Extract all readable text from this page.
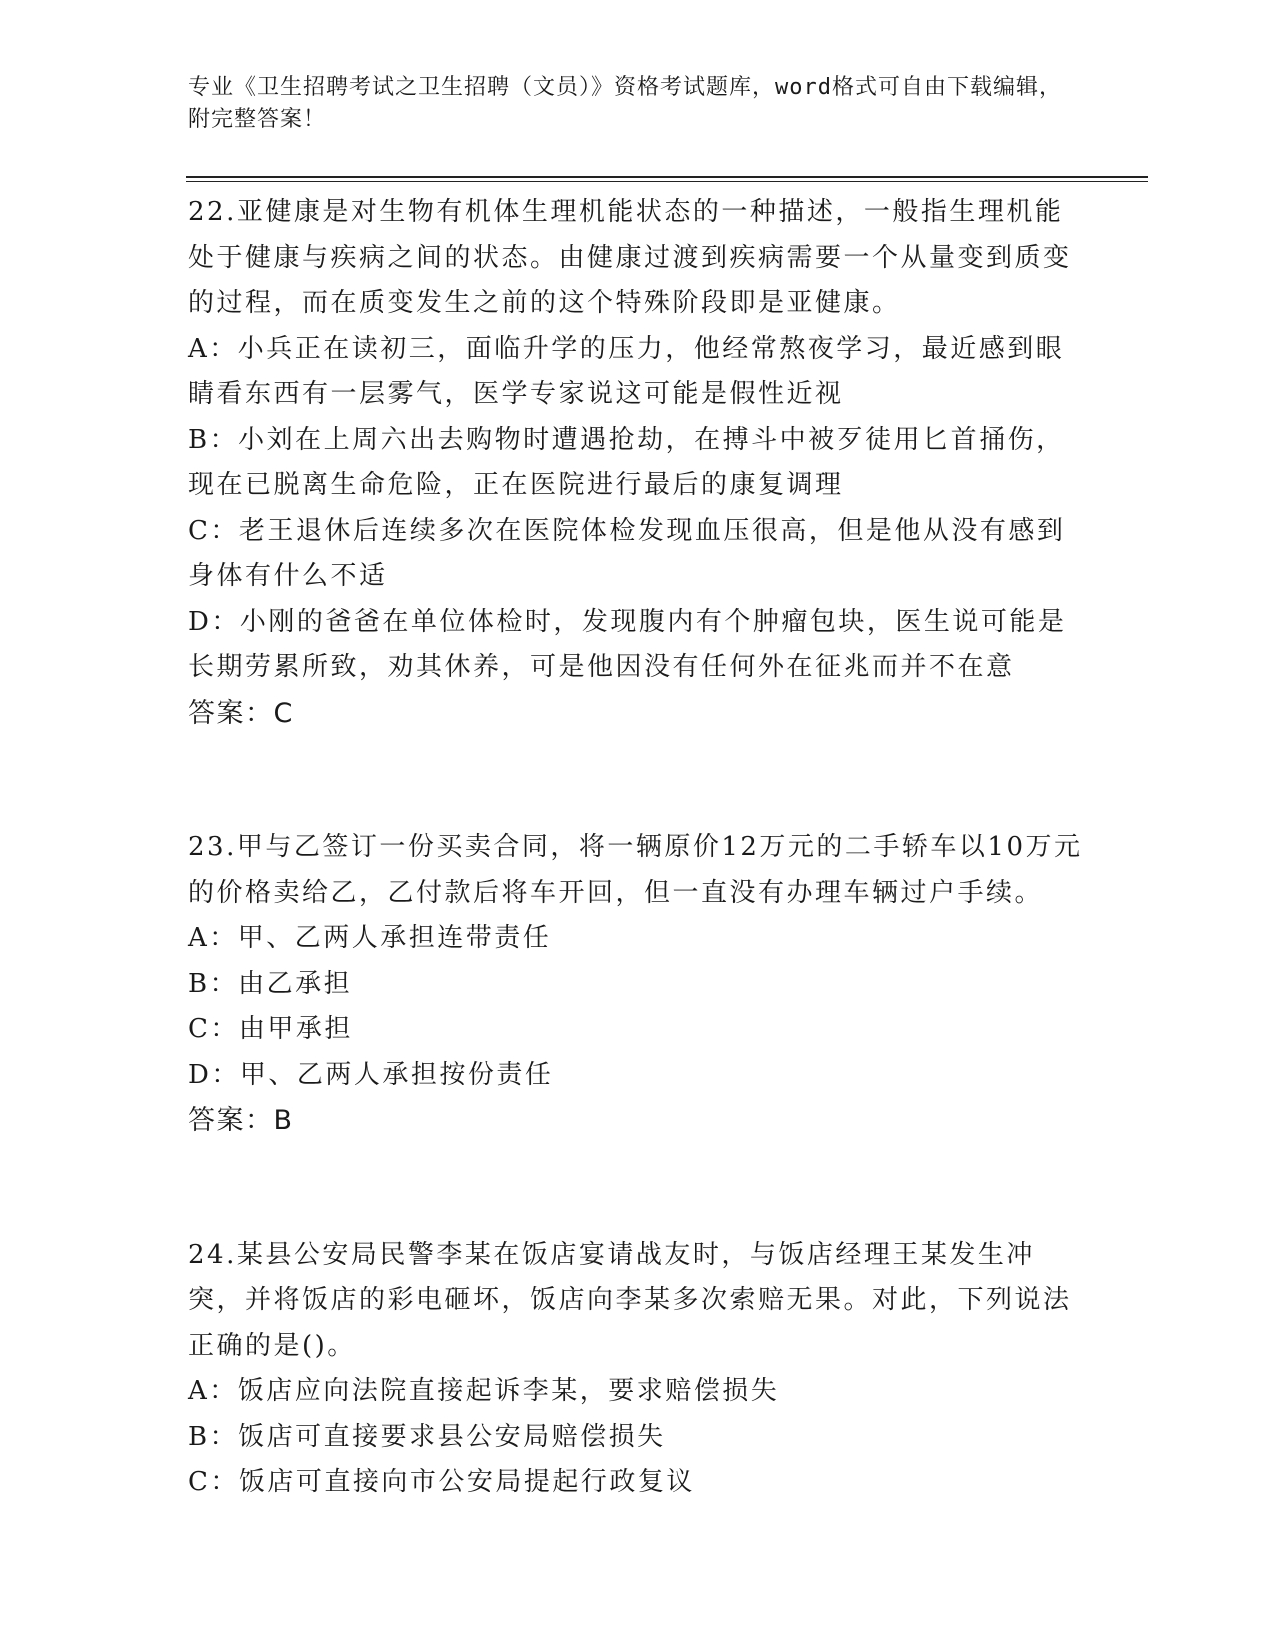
专业《卫生招聘考试之卫生招聘（文员）》资格考试题库，word格式可自由下载编辑，附完整答案！

22.亚健康是对生物有机体生理机能状态的一种描述，一般指生理机能处于健康与疾病之间的状态。由健康过渡到疾病需要一个从量变到质变的过程，而在质变发生之前的这个特殊阶段即是亚健康。

A：小兵正在读初三，面临升学的压力，他经常熬夜学习，最近感到眼睛看东西有一层雾气，医学专家说这可能是假性近视

B：小刘在上周六出去购物时遭遇抢劫，在搏斗中被歹徒用匕首捅伤，现在已脱离生命危险，正在医院进行最后的康复调理

C：老王退休后连续多次在医院体检发现血压很高，但是他从没有感到身体有什么不适

D：小刚的爸爸在单位体检时，发现腹内有个肿瘤包块，医生说可能是长期劳累所致，劝其休养，可是他因没有任何外在征兆而并不在意

答案：C

23.甲与乙签订一份买卖合同，将一辆原价12万元的二手轿车以10万元的价格卖给乙，乙付款后将车开回，但一直没有办理车辆过户手续。

A：甲、乙两人承担连带责任

B：由乙承担

C：由甲承担

D：甲、乙两人承担按份责任

答案：B

24.某县公安局民警李某在饭店宴请战友时，与饭店经理王某发生冲突，并将饭店的彩电砸坏，饭店向李某多次索赔无果。对此，下列说法正确的是()。

A：饭店应向法院直接起诉李某，要求赔偿损失

B：饭店可直接要求县公安局赔偿损失

C：饭店可直接向市公安局提起行政复议
